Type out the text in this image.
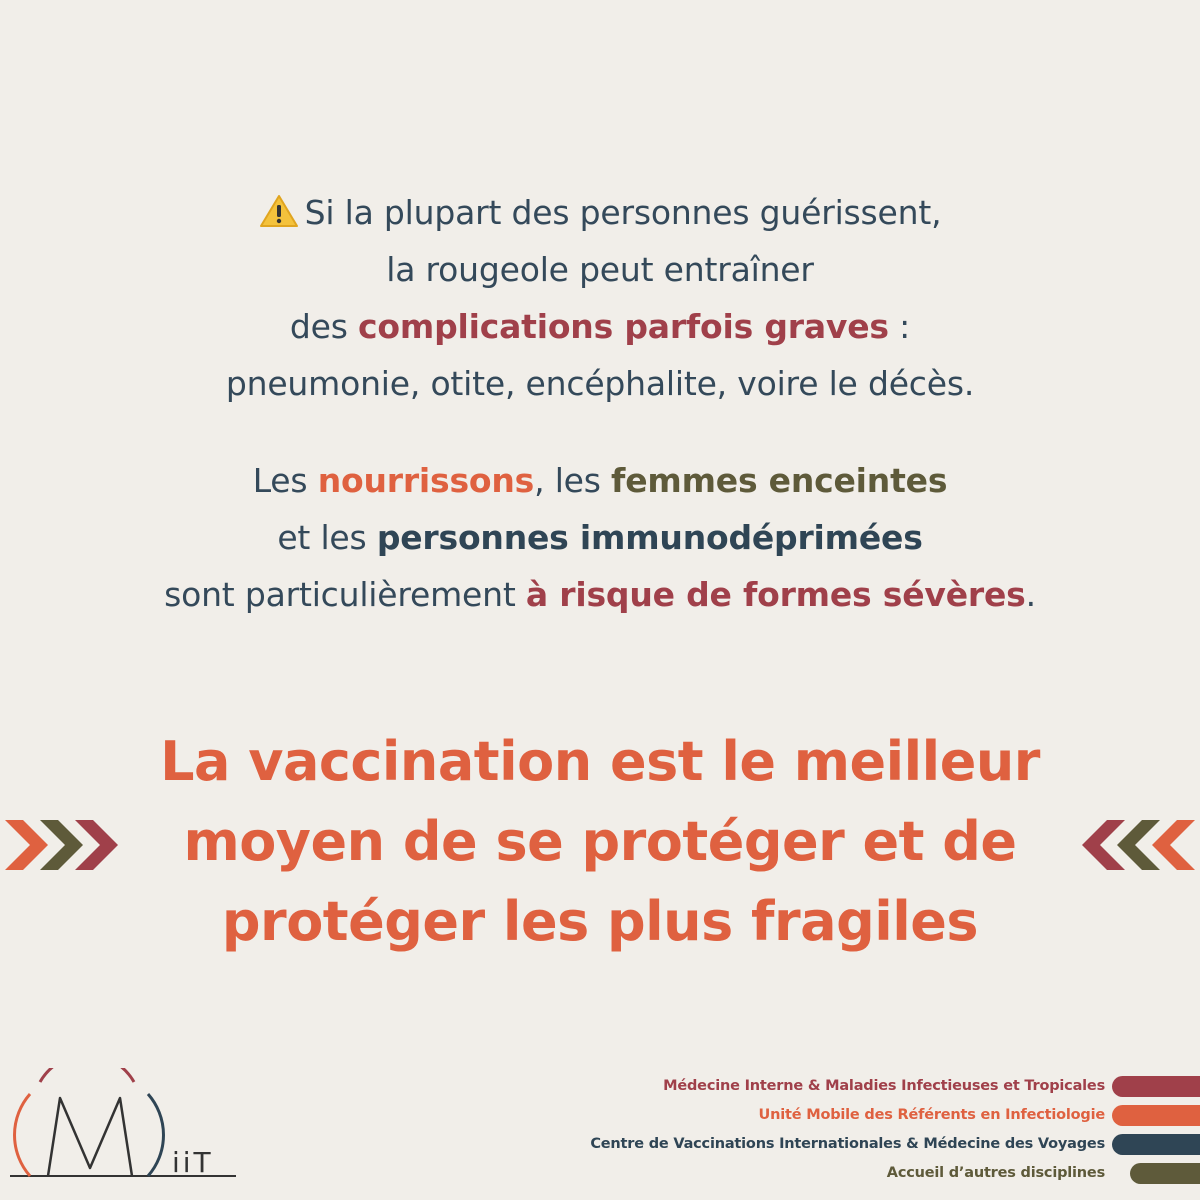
Si la plupart des personnes guérissent,
la rougeole peut entraîner
des complications parfois graves :
pneumonie, otite, encéphalite, voire le décès.
Les nourrissons, les femmes enceintes
et les personnes immunodéprimées
sont particulièrement à risque de formes sévères.
La vaccination est le meilleur
moyen de se protéger et de
protéger les plus fragiles
iiT
Médecine Interne & Maladies Infectieuses et Tropicales
Unité Mobile des Référents en Infectiologie
Centre de Vaccinations Internationales & Médecine des Voyages
Accueil d’autres disciplines
